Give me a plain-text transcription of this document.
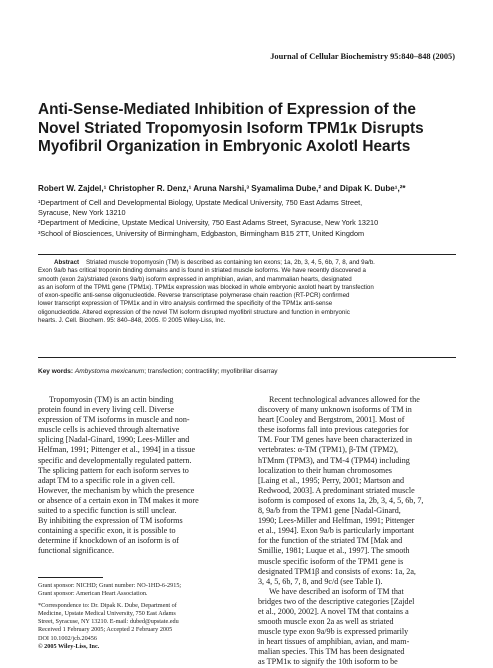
Journal of Cellular Biochemistry 95:840–848 (2005)
Anti-Sense-Mediated Inhibition of Expression of the
Novel Striated Tropomyosin Isoform TPM1κ Disrupts
Myofibril Organization in Embryonic Axolotl Hearts
Robert W. Zajdel,¹ Christopher R. Denz,¹ Aruna Narshi,³ Syamalima Dube,² and Dipak K. Dube¹,²*
¹Department of Cell and Developmental Biology, Upstate Medical University, 750 East Adams Street,
Syracuse, New York 13210
²Department of Medicine, Upstate Medical University, 750 East Adams Street, Syracuse, New York 13210
³School of Biosciences, University of Birmingham, Edgbaston, Birmingham B15 2TT, United Kingdom
Abstract Striated muscle tropomyosin (TM) is described as containing ten exons; 1a, 2b, 3, 4, 5, 6b, 7, 8, and 9a/b.
Exon 9a/b has critical troponin binding domains and is found in striated muscle isoforms. We have recently discovered a
smooth (exon 2a)/striated (exons 9a/b) isoform expressed in amphibian, avian, and mammalian hearts, designated
as an isoform of the TPM1 gene (TPM1κ). TPM1κ expression was blocked in whole embryonic axolotl heart by transfection
of exon-specific anti-sense oligonucleotide. Reverse transcriptase polymerase chain reaction (RT-PCR) confirmed
lower transcript expression of TPM1κ and in vitro analysis confirmed the specificity of the TPM1κ anti-sense
oligonucleotide. Altered expression of the novel TM isoform disrupted myofibril structure and function in embryonic
hearts. J. Cell. Biochem. 95: 840–848, 2005. © 2005 Wiley-Liss, Inc.
Key words: Ambystoma mexicanum; transfection; contractility; myofibrillar disarray
Tropomyosin (TM) is an actin binding
protein found in every living cell. Diverse
expression of TM isoforms in muscle and non-
muscle cells is achieved through alternative
splicing [Nadal-Ginard, 1990; Lees-Miller and
Helfman, 1991; Pittenger et al., 1994] in a tissue
specific and developmentally regulated pattern.
The splicing pattern for each isoform serves to
adapt TM to a specific role in a given cell.
However, the mechanism by which the presence
or absence of a certain exon in TM makes it more
suited to a specific function is still unclear.
By inhibiting the expression of TM isoforms
containing a specific exon, it is possible to
determine if knockdown of an isoform is of
functional significance.
Recent technological advances allowed for the
discovery of many unknown isoforms of TM in
heart [Cooley and Bergstrom, 2001]. Most of
these isoforms fall into previous categories for
TM. Four TM genes have been characterized in
vertebrates: α-TM (TPM1), β-TM (TPM2),
hTMnm (TPM3), and TM-4 (TPM4) including
localization to their human chromosomes
[Laing et al., 1995; Perry, 2001; Martson and
Redwood, 2003]. A predominant striated muscle
isoform is composed of exons 1a, 2b, 3, 4, 5, 6b, 7,
8, 9a/b from the TPM1 gene [Nadal-Ginard,
1990; Lees-Miller and Helfman, 1991; Pittenger
et al., 1994]. Exon 9a/b is particularly important
for the function of the striated TM [Mak and
Smillie, 1981; Luque et al., 1997]. The smooth
muscle specific isoform of the TPM1 gene is
designated TPM1β and consists of exons: 1a, 2a,
3, 4, 5, 6b, 7, 8, and 9c/d (see Table I).
We have described an isoform of TM that
bridges two of the descriptive categories [Zajdel
et al., 2000, 2002]. A novel TM that contains a
smooth muscle exon 2a as well as striated
muscle type exon 9a/9b is expressed primarily
in heart tissues of amphibian, avian, and mam-
malian species. This TM has been designated
as TPM1κ to signify the 10th isoform to be
Grant sponsor: NICHD; Grant number: NO-1HD-6-2915;
Grant sponsor: American Heart Association.
*Correspondence to: Dr. Dipak K. Dube, Department of
Medicine, Upstate Medical University, 750 East Adams
Street, Syracuse, NY 13210. E-mail: dubed@upstate.edu
Received 1 February 2005; Accepted 2 February 2005
DOI 10.1002/jcb.20456
© 2005 Wiley-Liss, Inc.
